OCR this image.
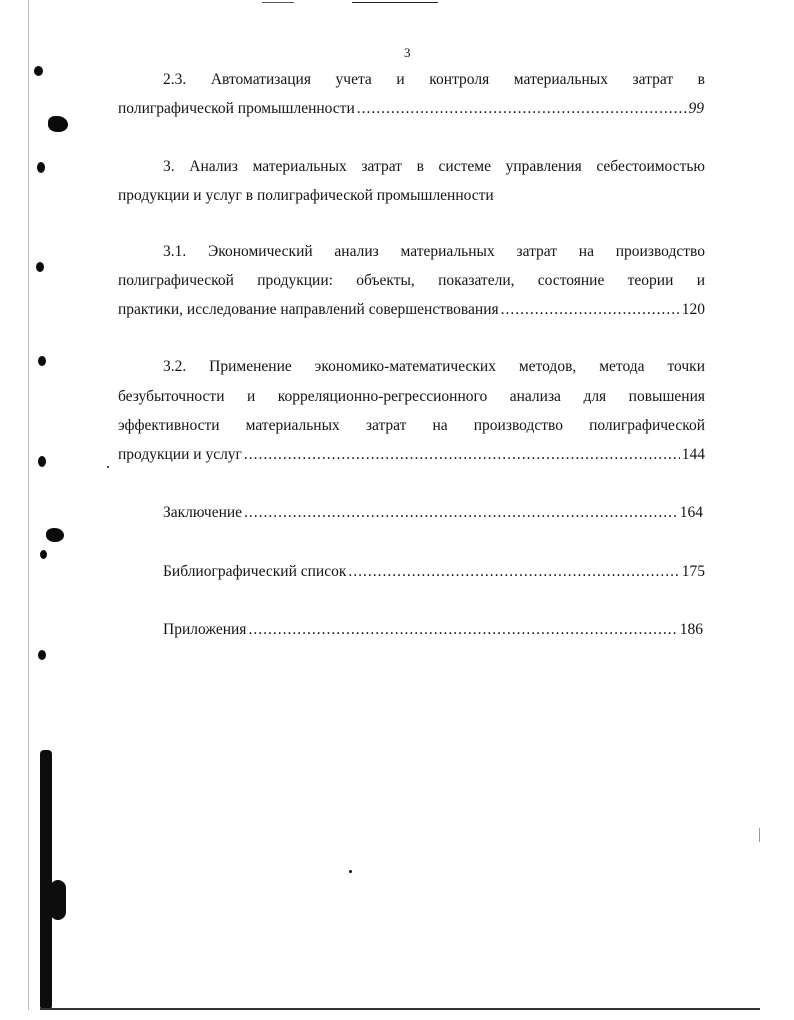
3
2.3. Автоматизация учета и контроля материальных затрат в
полиграфической промышленности .....	99
3. Анализ материальных затрат в системе управления себестоимостью
продукции и услуг в полиграфической промышленности
3.1. Экономический анализ материальных затрат на производство
полиграфической продукции: объекты, показатели, состояние теории и
практики, исследование направлений совершенствования .....	120
3.2. Применение экономико-математических методов, метода точки
безубыточности и корреляционно-регрессионного анализа для повышения
эффективности материальных затрат на производство полиграфической
продукции и услуг .....	144
Заключение .....	164
Библиографический список .....	175
Приложения .....	186
